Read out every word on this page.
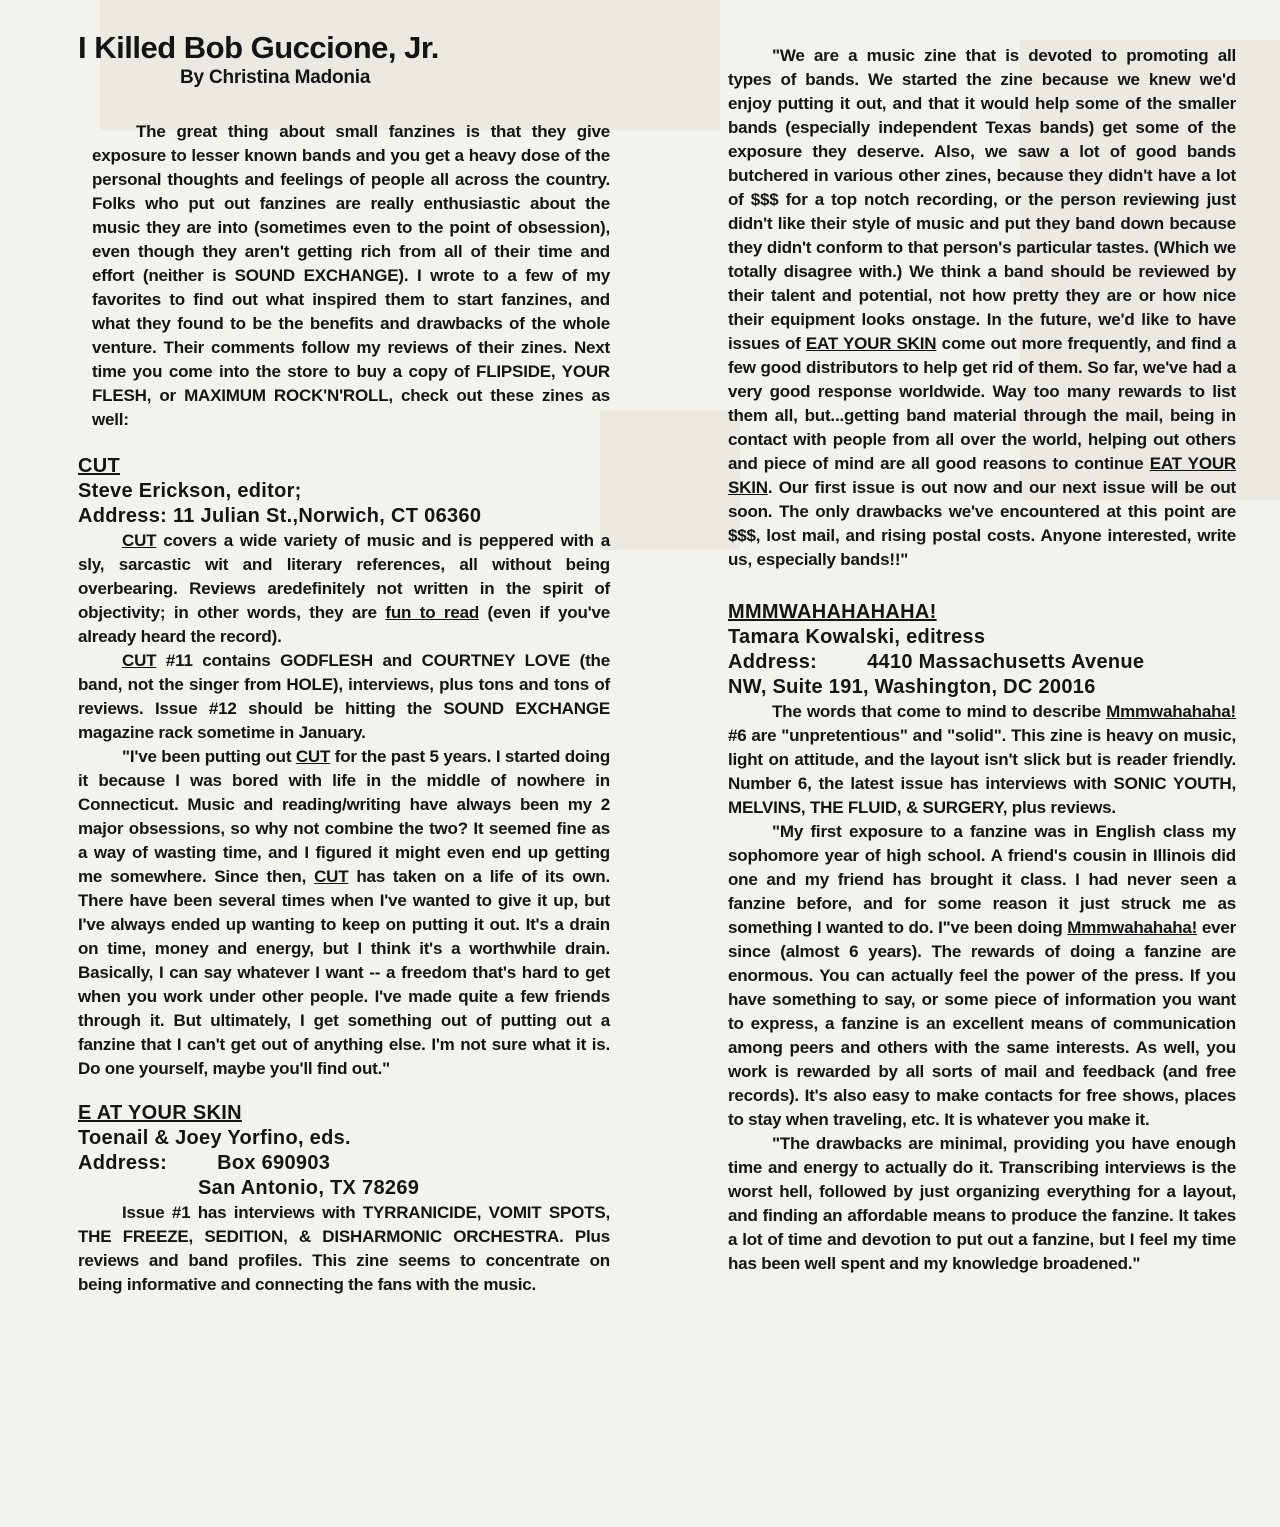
I Killed Bob Guccione, Jr.
By Christina Madonia

The great thing about small fanzines is that they give exposure to lesser known bands and you get a heavy dose of the personal thoughts and feelings of people all across the country. Folks who put out fanzines are really enthusiastic about the music they are into (sometimes even to the point of obsession), even though they aren't getting rich from all of their time and effort (neither is SOUND EXCHANGE). I wrote to a few of my favorites to find out what inspired them to start fanzines, and what they found to be the benefits and drawbacks of the whole venture. Their comments follow my reviews of their zines. Next time you come into the store to buy a copy of FLIPSIDE, YOUR FLESH, or MAXIMUM ROCK'N'ROLL, check out these zines as well:

CUT
Steve Erickson, editor;
Address: 11 Julian St.,Norwich, CT 06360

CUT covers a wide variety of music and is peppered with a sly, sarcastic wit and literary references, all without being overbearing. Reviews aredefinitely not written in the spirit of objectivity; in other words, they are fun to read (even if you've already heard the record).

CUT #11 contains GODFLESH and COURTNEY LOVE (the band, not the singer from HOLE), interviews, plus tons and tons of reviews. Issue #12 should be hitting the SOUND EXCHANGE magazine rack sometime in January.

"I've been putting out CUT for the past 5 years. I started doing it because I was bored with life in the middle of nowhere in Connecticut. Music and reading/writing have always been my 2 major obsessions, so why not combine the two? It seemed fine as a way of wasting time, and I figured it might even end up getting me somewhere. Since then, CUT has taken on a life of its own. There have been several times when I've wanted to give it up, but I've always ended up wanting to keep on putting it out. It's a drain on time, money and energy, but I think it's a worthwhile drain. Basically, I can say whatever I want -- a freedom that's hard to get when you work under other people. I've made quite a few friends through it. But ultimately, I get something out of putting out a fanzine that I can't get out of anything else. I'm not sure what it is. Do one yourself, maybe you'll find out."

E AT YOUR SKIN
Toenail & Joey Yorfino, eds.
Address:	Box 690903
San Antonio, TX 78269

Issue #1 has interviews with TYRRANICIDE, VOMIT SPOTS, THE FREEZE, SEDITION, & DISHARMONIC ORCHESTRA. Plus reviews and band profiles. This zine seems to concentrate on being informative and connecting the fans with the music.

"We are a music zine that is devoted to promoting all types of bands. We started the zine because we knew we'd enjoy putting it out, and that it would help some of the smaller bands (especially independent Texas bands) get some of the exposure they deserve. Also, we saw a lot of good bands butchered in various other zines, because they didn't have a lot of $$$ for a top notch recording, or the person reviewing just didn't like their style of music and put they band down because they didn't conform to that person's particular tastes. (Which we totally disagree with.) We think a band should be reviewed by their talent and potential, not how pretty they are or how nice their equipment looks onstage. In the future, we'd like to have issues of EAT YOUR SKIN come out more frequently, and find a few good distributors to help get rid of them. So far, we've had a very good response worldwide. Way too many rewards to list them all, but...getting band material through the mail, being in contact with people from all over the world, helping out others and piece of mind are all good reasons to continue EAT YOUR SKIN. Our first issue is out now and our next issue will be out soon. The only drawbacks we've encountered at this point are $$$, lost mail, and rising postal costs. Anyone interested, write us, especially bands!!"

MMMWAHAHAHAHA!
Tamara Kowalski, editress
Address:	4410 Massachusetts Avenue
NW, Suite 191, Washington, DC 20016

The words that come to mind to describe Mmmwahahaha! #6 are "unpretentious" and "solid". This zine is heavy on music, light on attitude, and the layout isn't slick but is reader friendly. Number 6, the latest issue has interviews with SONIC YOUTH, MELVINS, THE FLUID, & SURGERY, plus reviews.

"My first exposure to a fanzine was in English class my sophomore year of high school. A friend's cousin in Illinois did one and my friend has brought it class. I had never seen a fanzine before, and for some reason it just struck me as something I wanted to do. I"ve been doing Mmmwahahaha! ever since (almost 6 years). The rewards of doing a fanzine are enormous. You can actually feel the power of the press. If you have something to say, or some piece of information you want to express, a fanzine is an excellent means of communication among peers and others with the same interests. As well, you work is rewarded by all sorts of mail and feedback (and free records). It's also easy to make contacts for free shows, places to stay when traveling, etc. It is whatever you make it.

"The drawbacks are minimal, providing you have enough time and energy to actually do it. Transcribing interviews is the worst hell, followed by just organizing everything for a layout, and finding an affordable means to produce the fanzine. It takes a lot of time and devotion to put out a fanzine, but I feel my time has been well spent and my knowledge broadened."
